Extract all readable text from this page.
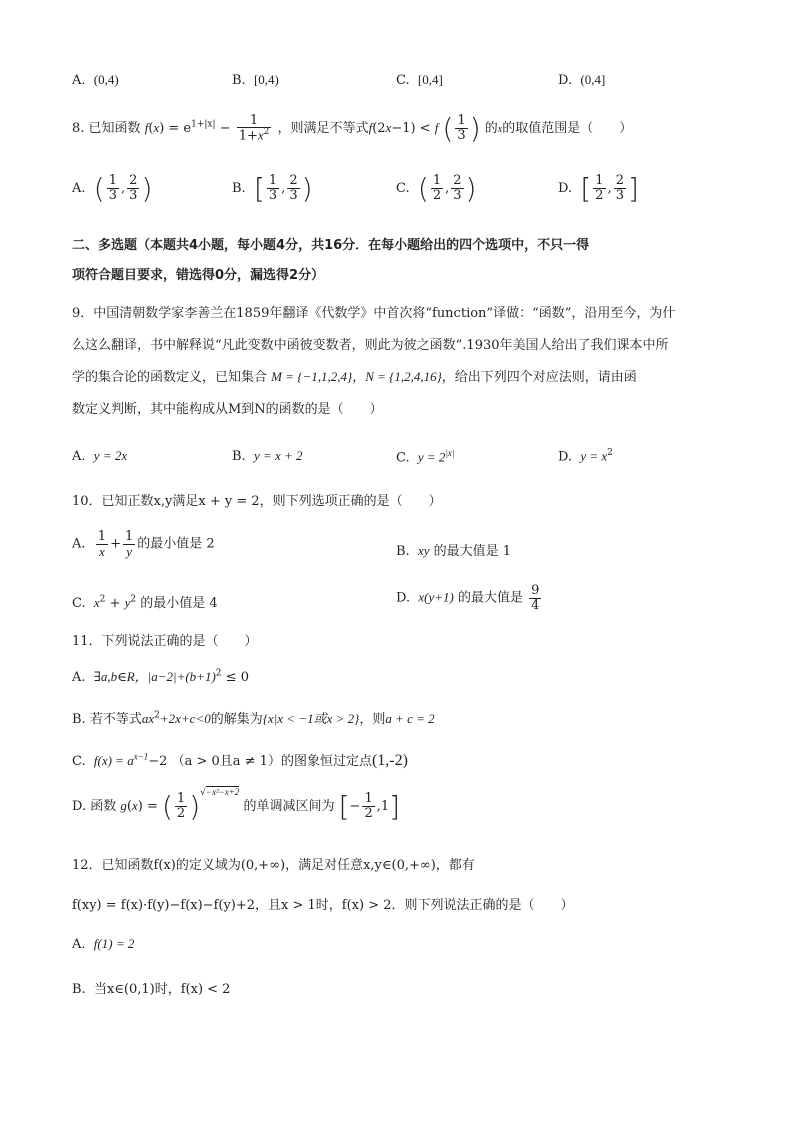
A. (0,4)	B. [0,4)	C. [0,4]	D. (0,4]
8. 已知函数 $f(x) = e^{1+|x|} - \frac{1}{1+x^2}$ ，则满足不等式f(2x−1) < f ( $\frac{1}{3}$ ) 的x的取值范围是（　　）
A. ( $\frac{1}{3}$ , $\frac{2}{3}$ )	B. [ $\frac{1}{3}$ , $\frac{2}{3}$ )	C. ( $\frac{1}{2}$ , $\frac{2}{3}$ )	D. [ $\frac{1}{2}$ , $\frac{2}{3}$ ]
二、多选题（本题共4小题，每小题4分，共16分．在每小题给出的四个选项中，不只一得
项符合题目要求，错选得0分，漏选得2分）
9．中国清朝数学家李善兰在1859年翻译《代数学》中首次将“function”译做：“函数”，沿用至今，为什
么这么翻译，书中解释说“凡此变数中函彼变数者，则此为彼之函数”.1930年美国人给出了我们课本中所
学的集合论的函数定义，已知集合 M = {−1,1,2,4}，N = {1,2,4,16}，给出下列四个对应法则，请由函
数定义判断，其中能构成从M到N的函数的是（　　）
A. y = 2x	B. y = x + 2	C. $y = 2^{|x|}$	D. $y = x^2$
10．已知正数x,y满足x + y = 2，则下列选项正确的是（　　）
A. $\frac{1}{x} + \frac{1}{y}$ 的最小值是 2	B. xy 的最大值是 1
C. $x^2 + y^2$ 的最小值是 4	D. x(y+1) 的最大值是 $\frac{9}{4}$
11．下列说法正确的是（　　）
A. ∃a,b∈R，$|a-2|+(b+1)^2 \le 0$
B. 若不等式$ax^2+2x+c<0$的解集为{x|x < −1或x > 2}，则a + c = 2
C. $f(x) = a^{x-1}-2$ （a > 0且a ≠ 1）的图象恒过定点(1,-2)
D. 函数 g(x) = ( $\frac{1}{2} )^{√-x^2-x+2}$ 的单调减区间为 [− $\frac{1}{2} ,1$]
12．已知函数f(x)的定义域为(0,+∞)，满足对任意x,y∈(0,+∞)，都有
f(xy) = f(x)·f(y)−f(x)−f(y)+2，且x > 1时，f(x) > 2．则下列说法正确的是（　　）
A. f(1) = 2
B. 当x∈(0,1)时，f(x) < 2
